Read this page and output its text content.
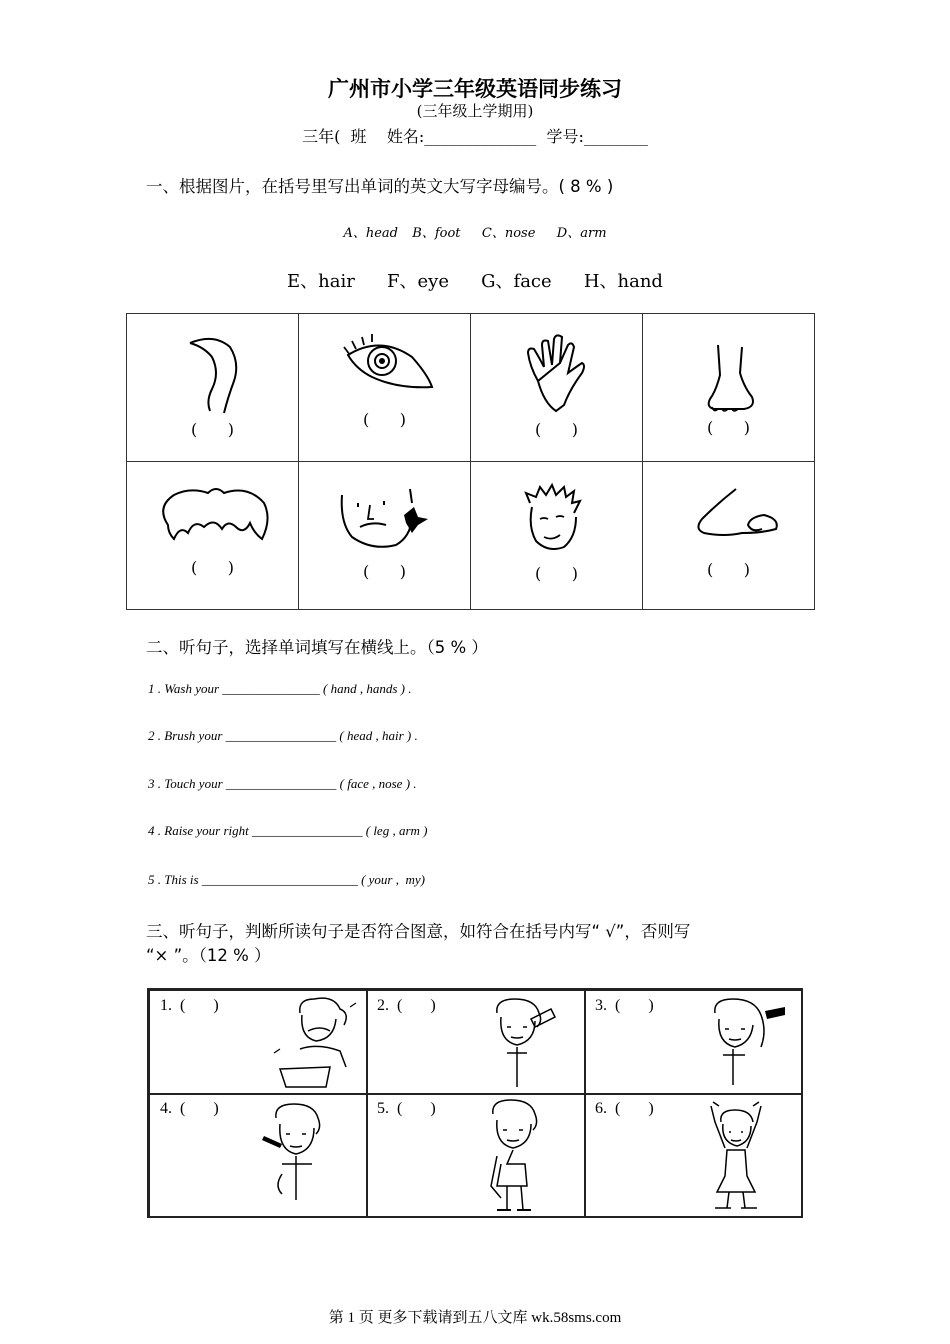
广州市小学三年级英语同步练习
(三年级上学期用)
三年(  班    姓名:______________  学号:________
一、根据图片，在括号里写出单词的英文大写字母编号。( 8 % )
A、head  B、foot   C、nose   D、arm
E、hair   F、eye   G、face   H、hand
(      )	(      )	(      )	(      )

(      )	(      )	(      )	(      )
二、听句子，选择单词填写在横线上。（5 % ）
1 . Wash your _______________ ( hand , hands ) .
2 . Brush your _________________ ( head , hair ) .
3 . Touch your _________________ ( face , nose ) .
4 . Raise your right _________________ ( leg , arm )
5 . This is ________________________ ( your ,  my)
三、听句子，判断所读句子是否符合图意，如符合在括号内写“ √”，否则写
“× ”。（12 % ）
1.  (       )	2.  (       )	3.  (       )
4.  (       )	5.  (       )	6.  (       )
第 1 页 更多下载请到五八文库 wk.58sms.com
